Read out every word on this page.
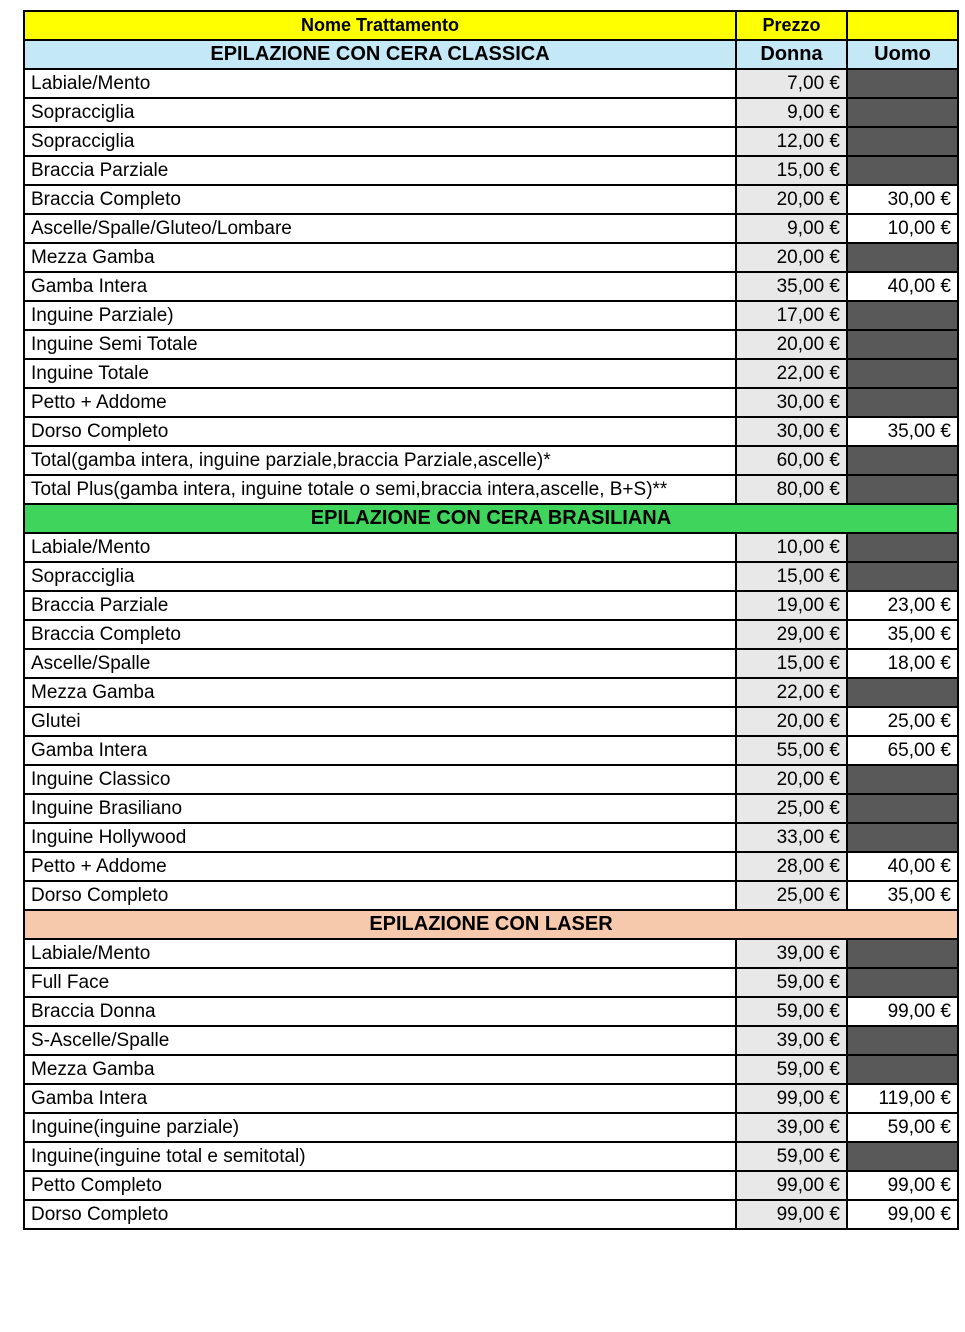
Nome Trattamento	Prezzo	
EPILAZIONE CON CERA CLASSICA	Donna	Uomo
Labiale/Mento	7,00 €	
Sopracciglia	9,00 €	
Sopracciglia	12,00 €	
Braccia Parziale	15,00 €	
Braccia Completo	20,00 €	30,00 €
Ascelle/Spalle/Gluteo/Lombare	9,00 €	10,00 €
Mezza Gamba	20,00 €	
Gamba Intera	35,00 €	40,00 €
Inguine Parziale)	17,00 €	
Inguine Semi Totale	20,00 €	
Inguine Totale	22,00 €	
Petto + Addome	30,00 €	
Dorso Completo	30,00 €	35,00 €
Total(gamba intera, inguine parziale,braccia Parziale,ascelle)*	60,00 €	
Total Plus(gamba intera, inguine totale o semi,braccia intera,ascelle, B+S)**	80,00 €	
EPILAZIONE CON CERA BRASILIANA		
Labiale/Mento	10,00 €	
Sopracciglia	15,00 €	
Braccia Parziale	19,00 €	23,00 €
Braccia Completo	29,00 €	35,00 €
Ascelle/Spalle	15,00 €	18,00 €
Mezza Gamba	22,00 €	
Glutei	20,00 €	25,00 €
Gamba Intera	55,00 €	65,00 €
Inguine Classico	20,00 €	
Inguine Brasiliano	25,00 €	
Inguine Hollywood	33,00 €	
Petto + Addome	28,00 €	40,00 €
Dorso Completo	25,00 €	35,00 €
EPILAZIONE CON LASER		
Labiale/Mento	39,00 €	
Full Face	59,00 €	
Braccia Donna	59,00 €	99,00 €
S-Ascelle/Spalle	39,00 €	
Mezza Gamba	59,00 €	
Gamba Intera	99,00 €	119,00 €
Inguine(inguine parziale)	39,00 €	59,00 €
Inguine(inguine total e semitotal)	59,00 €	
Petto Completo	99,00 €	99,00 €
Dorso Completo	99,00 €	99,00 €
